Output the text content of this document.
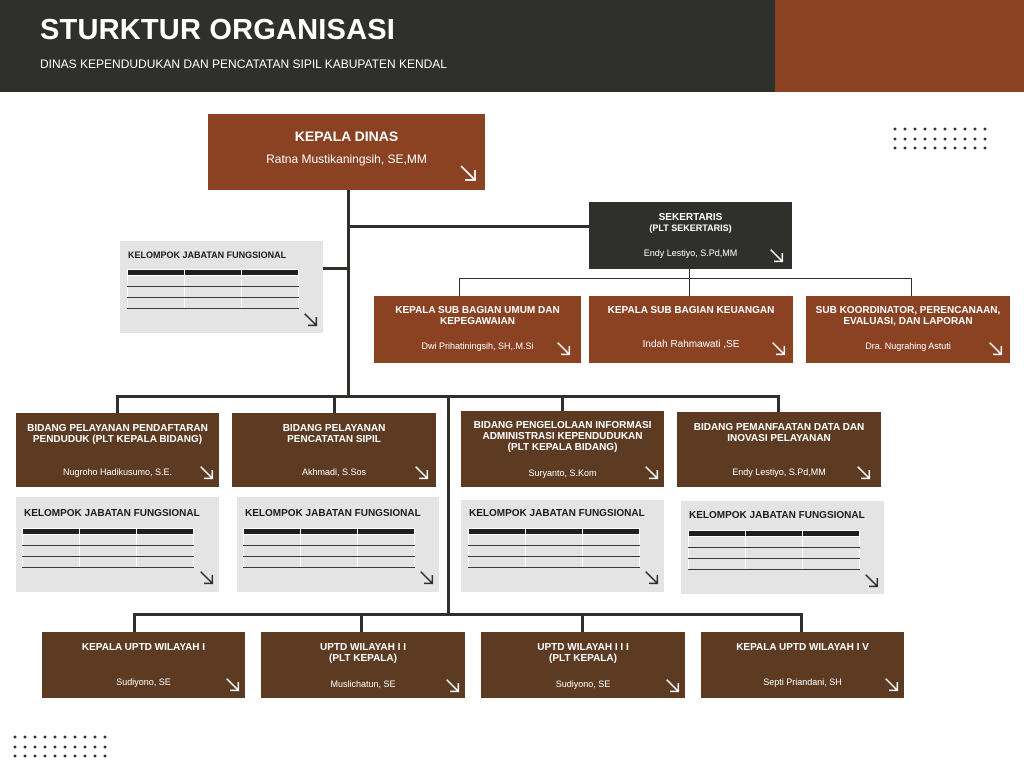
STURKTUR ORGANISASI
DINAS KEPENDUDUKAN DAN PENCATATAN SIPIL KABUPATEN KENDAL
KEPALA DINAS
Ratna Mustikaningsih, SE,MM
SEKERTARIS
(PLT SEKERTARIS)
Endy Lestiyo, S.Pd,MM
KELOMPOK JABATAN FUNGSIONAL

KEPALA SUB BAGIAN UMUM DAN KEPEGAWAIAN
Dwi Prihatiningsih, SH,.M.Si
KEPALA SUB BAGIAN KEUANGAN
Indah Rahmawati ,SE
SUB KOORDINATOR, PERENCANAAN, EVALUASI, DAN LAPORAN
Dra. Nugrahing Astuti
BIDANG PELAYANAN PENDAFTARAN PENDUDUK (PLT KEPALA BIDANG)
Nugroho Hadikusumo, S.E.
BIDANG PELAYANAN PENCATATAN SIPIL
Akhmadi, S.Sos
BIDANG PENGELOLAAN INFORMASI ADMINISTRASI KEPENDUDUKAN (PLT KEPALA BIDANG)
Suryanto, S.Kom
BIDANG PEMANFAATAN DATA DAN INOVASI PELAYANAN
Endy Lestiyo, S.Pd,MM
KELOMPOK JABATAN FUNGSIONAL

			KELOMPOK JABATAN FUNGSIONAL

			KELOMPOK JABATAN FUNGSIONAL

			KELOMPOK JABATAN FUNGSIONAL

KEPALA UPTD WILAYAH I
Sudiyono, SE
UPTD WILAYAH I I (PLT KEPALA)
Muslichatun, SE
UPTD WILAYAH I I I (PLT KEPALA)
Sudiyono, SE
KEPALA UPTD WILAYAH I V
Septi Priandani, SH
